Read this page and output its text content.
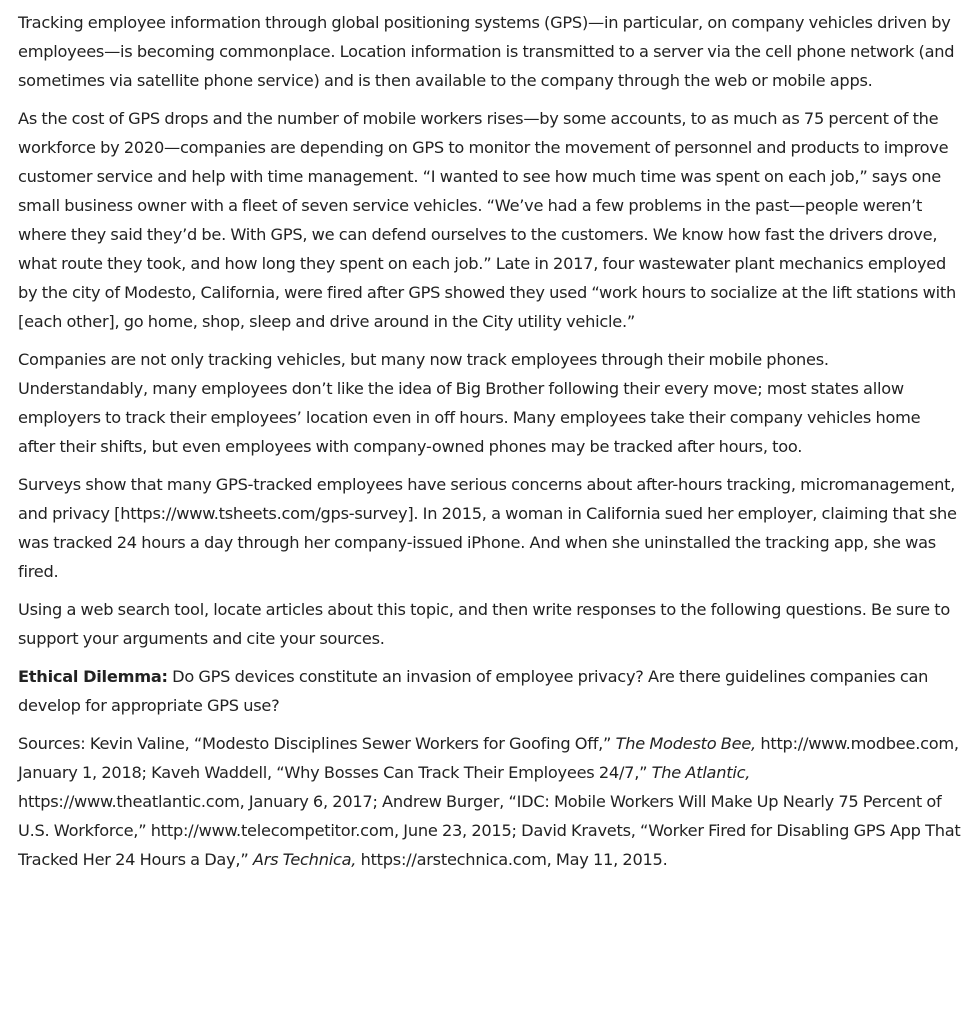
Tracking employee information through global positioning systems (GPS)—in particular, on company vehicles driven by employees—is becoming commonplace. Location information is transmitted to a server via the cell phone network (and sometimes via satellite phone service) and is then available to the company through the web or mobile apps.

As the cost of GPS drops and the number of mobile workers rises—by some accounts, to as much as 75 percent of the workforce by 2020—companies are depending on GPS to monitor the movement of personnel and products to improve customer service and help with time management. “I wanted to see how much time was spent on each job,” says one small business owner with a fleet of seven service vehicles. “We’ve had a few problems in the past—people weren’t where they said they’d be. With GPS, we can defend ourselves to the customers. We know how fast the drivers drove, what route they took, and how long they spent on each job.” Late in 2017, four wastewater plant mechanics employed by the city of Modesto, California, were fired after GPS showed they used “work hours to socialize at the lift stations with [each other], go home, shop, sleep and drive around in the City utility vehicle.”

Companies are not only tracking vehicles, but many now track employees through their mobile phones. Understandably, many employees don’t like the idea of Big Brother following their every move; most states allow employers to track their employees’ location even in off hours. Many employees take their company vehicles home after their shifts, but even employees with company-owned phones may be tracked after hours, too.

Surveys show that many GPS-tracked employees have serious concerns about after-hours tracking, micromanagement, and privacy [https://www.tsheets.com/gps-survey]. In 2015, a woman in California sued her employer, claiming that she was tracked 24 hours a day through her company-issued iPhone. And when she uninstalled the tracking app, she was fired.

Using a web search tool, locate articles about this topic, and then write responses to the following questions. Be sure to support your arguments and cite your sources.

Ethical Dilemma: Do GPS devices constitute an invasion of employee privacy? Are there guidelines companies can develop for appropriate GPS use?

Sources: Kevin Valine, “Modesto Disciplines Sewer Workers for Goofing Off,” The Modesto Bee, http://www.modbee.com, January 1, 2018; Kaveh Waddell, “Why Bosses Can Track Their Employees 24/7,” The Atlantic, https://www.theatlantic.com, January 6, 2017; Andrew Burger, “IDC: Mobile Workers Will Make Up Nearly 75 Percent of U.S. Workforce,” http://www.telecompetitor.com, June 23, 2015; David Kravets, “Worker Fired for Disabling GPS App That Tracked Her 24 Hours a Day,” Ars Technica, https://arstechnica.com, May 11, 2015.
